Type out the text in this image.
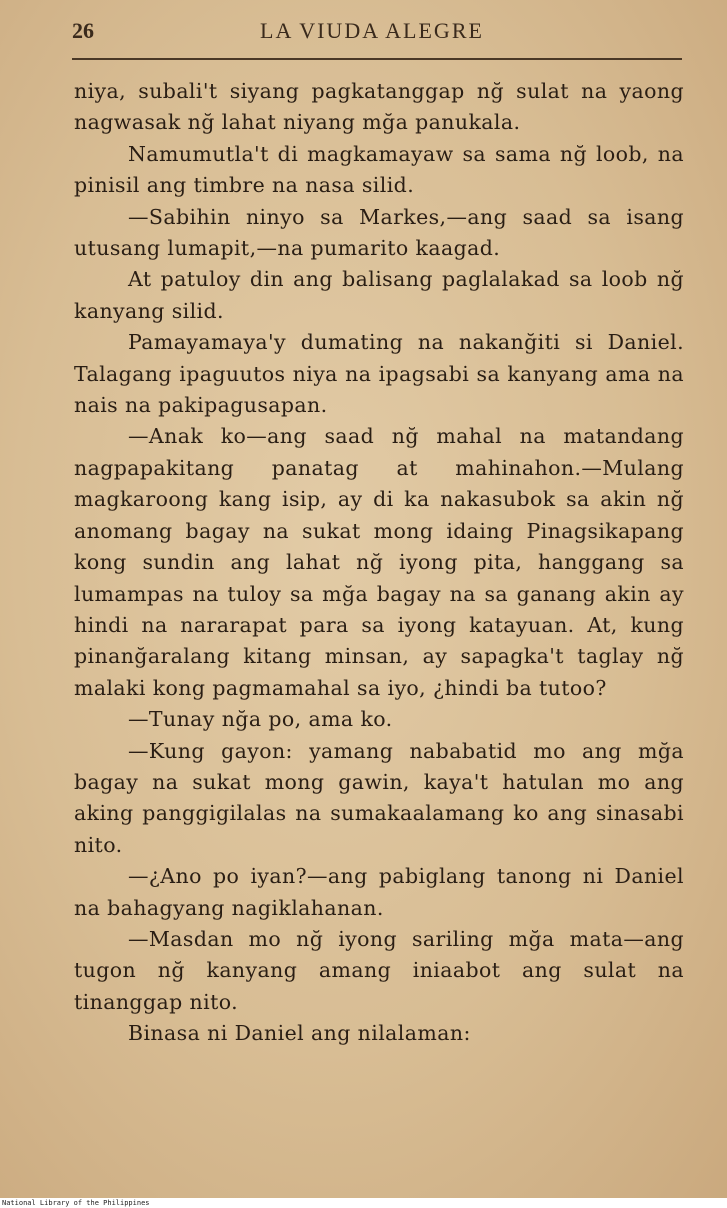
26	LA VIUDA ALEGRE

niya, subali't siyang pagkatanggap nğ sulat na yaong nagwasak nğ lahat niyang mğa panukala.

Namumutla't di magkamayaw sa sama nğ loob, na pinisil ang timbre na nasa silid.

—Sabihin ninyo sa Markes,—ang saad sa isang utusang lumapit,—na pumarito kaagad.

At patuloy din ang balisang paglalakad sa loob nğ kanyang silid.

Pamayamaya'y dumating na nakanğiti si Daniel. Talagang ipaguutos niya na ipagsabi sa kanyang ama na nais na pakipagusapan.

—Anak ko—ang saad nğ mahal na matandang nagpapakitang panatag at mahinahon.—Mulang magkaroong kang isip, ay di ka nakasubok sa akin nğ anomang bagay na sukat mong idaing Pinagsikapang kong sundin ang lahat nğ iyong pita, hanggang sa lumampas na tuloy sa mğa bagay na sa ganang akin ay hindi na nararapat para sa iyong katayuan. At, kung pinanğaralang kitang minsan, ay sapagka't taglay nğ malaki kong pagmamahal sa iyo, ¿hindi ba tutoo?

—Tunay nğa po, ama ko.

—Kung gayon: yamang nababatid mo ang mğa bagay na sukat mong gawin, kaya't hatulan mo ang aking panggigilalas na sumakaalamang ko ang sinasabi nito.

—¿Ano po iyan?—ang pabiglang tanong ni Daniel na bahagyang nagiklahanan.

—Masdan mo nğ iyong sariling mğa mata—ang tugon nğ kanyang amang iniaabot ang sulat na tinanggap nito.

Binasa ni Daniel ang nilalaman:

National Library of the Philippines
